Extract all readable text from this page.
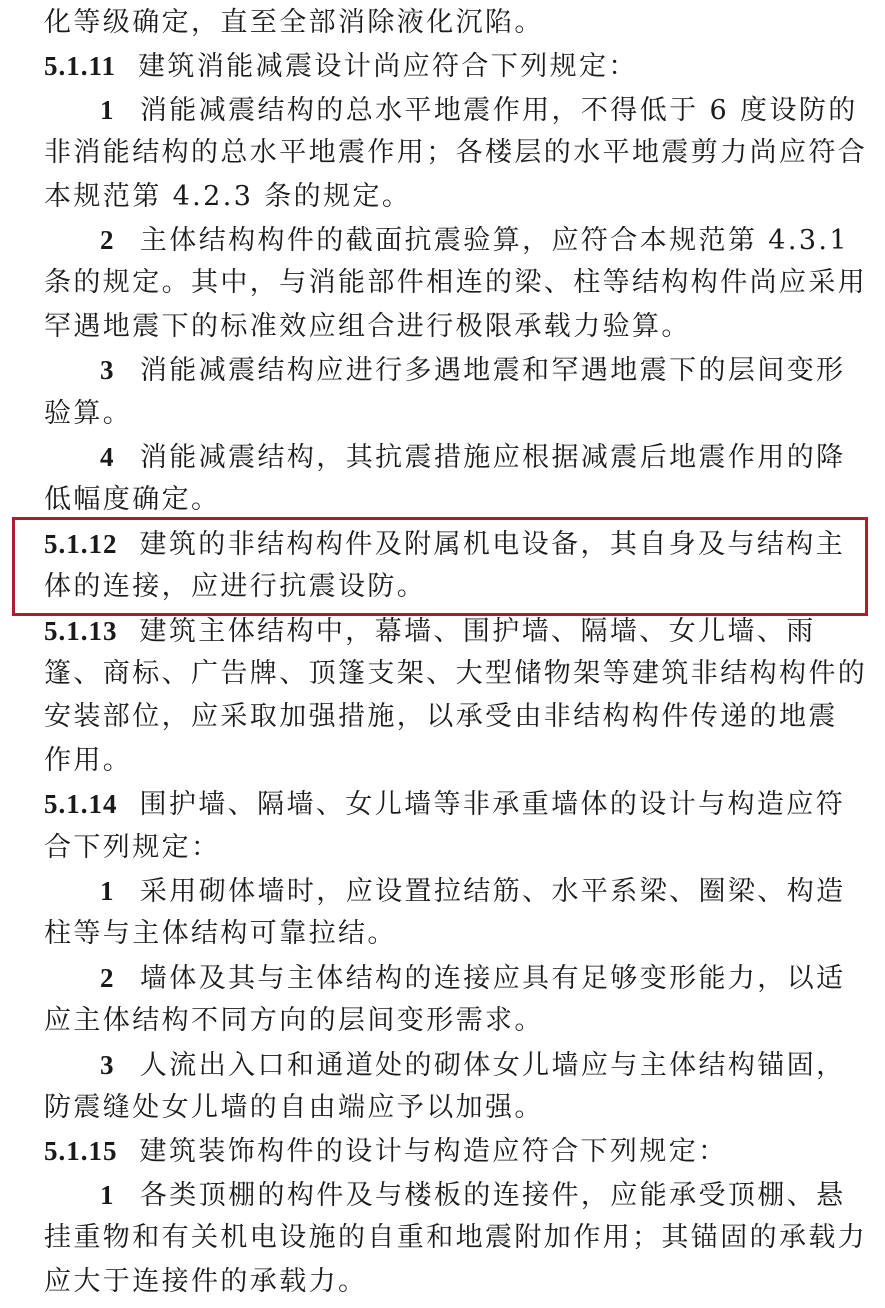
化等级确定，直至全部消除液化沉陷。
5.1.11 建筑消能减震设计尚应符合下列规定：
1 消能减震结构的总水平地震作用，不得低于 6 度设防的
非消能结构的总水平地震作用；各楼层的水平地震剪力尚应符合
本规范第 4.2.3 条的规定。
2 主体结构构件的截面抗震验算，应符合本规范第 4.3.1
条的规定。其中，与消能部件相连的梁、柱等结构构件尚应采用
罕遇地震下的标准效应组合进行极限承载力验算。
3 消能减震结构应进行多遇地震和罕遇地震下的层间变形
验算。
4 消能减震结构，其抗震措施应根据减震后地震作用的降
低幅度确定。
5.1.12 建筑的非结构构件及附属机电设备，其自身及与结构主
体的连接，应进行抗震设防。
5.1.13 建筑主体结构中，幕墙、围护墙、隔墙、女儿墙、雨
篷、商标、广告牌、顶篷支架、大型储物架等建筑非结构构件的
安装部位，应采取加强措施，以承受由非结构构件传递的地震
作用。
5.1.14 围护墙、隔墙、女儿墙等非承重墙体的设计与构造应符
合下列规定：
1 采用砌体墙时，应设置拉结筋、水平系梁、圈梁、构造
柱等与主体结构可靠拉结。
2 墙体及其与主体结构的连接应具有足够变形能力，以适
应主体结构不同方向的层间变形需求。
3 人流出入口和通道处的砌体女儿墙应与主体结构锚固，
防震缝处女儿墙的自由端应予以加强。
5.1.15 建筑装饰构件的设计与构造应符合下列规定：
1 各类顶棚的构件及与楼板的连接件，应能承受顶棚、悬
挂重物和有关机电设施的自重和地震附加作用；其锚固的承载力
应大于连接件的承载力。
